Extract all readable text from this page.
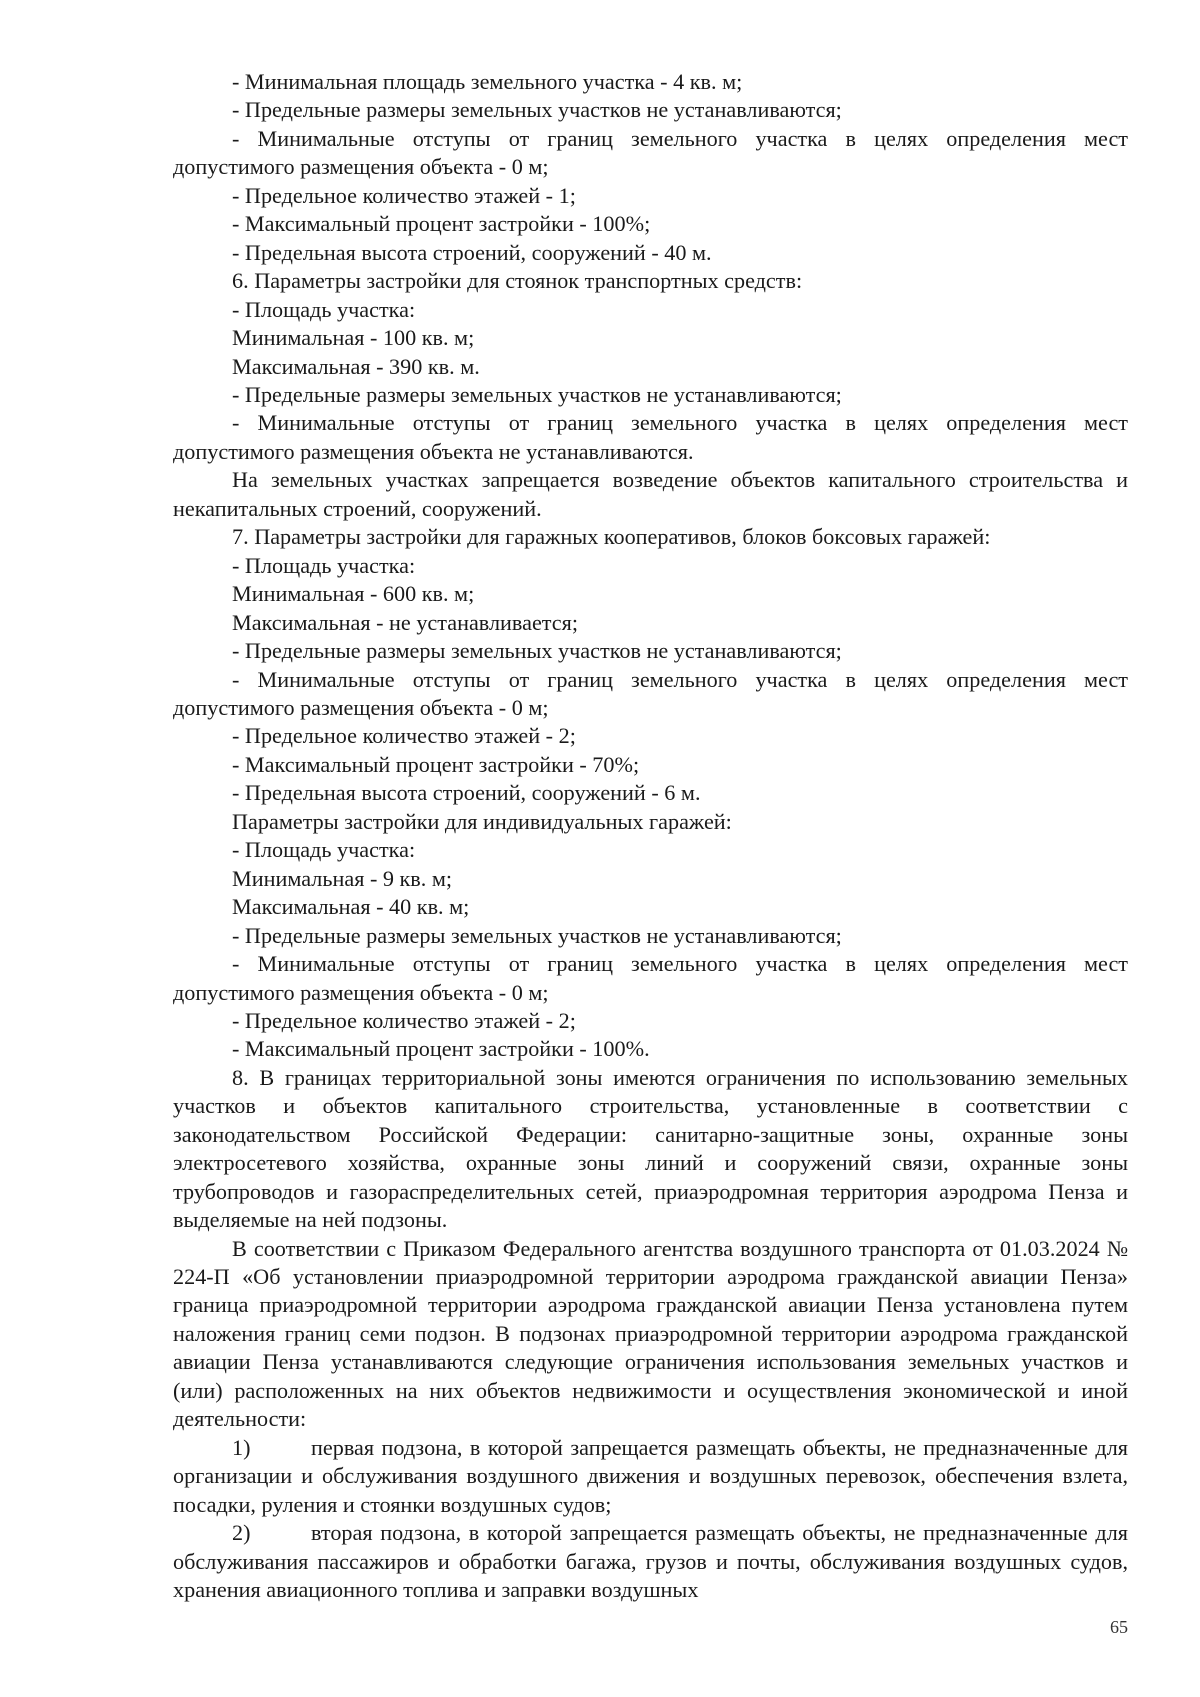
- Минимальная площадь земельного участка - 4 кв. м;

- Предельные размеры земельных участков не устанавливаются;

- Минимальные отступы от границ земельного участка в целях определения мест допустимого размещения объекта - 0 м;

- Предельное количество этажей - 1;

- Максимальный процент застройки - 100%;

- Предельная высота строений, сооружений - 40 м.

6. Параметры застройки для стоянок транспортных средств:

- Площадь участка:

Минимальная - 100 кв. м;

Максимальная - 390 кв. м.

- Предельные размеры земельных участков не устанавливаются;

- Минимальные отступы от границ земельного участка в целях определения мест допустимого размещения объекта не устанавливаются.

На земельных участках запрещается возведение объектов капитального строительства и некапитальных строений, сооружений.

7. Параметры застройки для гаражных кооперативов, блоков боксовых гаражей:

- Площадь участка:

Минимальная - 600 кв. м;

Максимальная - не устанавливается;

- Предельные размеры земельных участков не устанавливаются;

- Минимальные отступы от границ земельного участка в целях определения мест допустимого размещения объекта - 0 м;

- Предельное количество этажей - 2;

- Максимальный процент застройки - 70%;

- Предельная высота строений, сооружений - 6 м.

Параметры застройки для индивидуальных гаражей:

- Площадь участка:

Минимальная - 9 кв. м;

Максимальная - 40 кв. м;

- Предельные размеры земельных участков не устанавливаются;

- Минимальные отступы от границ земельного участка в целях определения мест допустимого размещения объекта - 0 м;

- Предельное количество этажей - 2;

- Максимальный процент застройки - 100%.

8. В границах территориальной зоны имеются ограничения по использованию земельных участков и объектов капитального строительства, установленные в соответствии с законодательством Российской Федерации: санитарно-защитные зоны, охранные зоны электросетевого хозяйства, охранные зоны линий и сооружений связи, охранные зоны трубопроводов и газораспределительных сетей, приаэродромная территория аэродрома Пенза и выделяемые на ней подзоны.

В соответствии с Приказом Федерального агентства воздушного транспорта от 01.03.2024 № 224-П «Об установлении приаэродромной территории аэродрома гражданской авиации Пенза» граница приаэродромной территории аэродрома гражданской авиации Пенза установлена путем наложения границ семи подзон. В подзонах приаэродромной территории аэродрома гражданской авиации Пенза устанавливаются следующие ограничения использования земельных участков и (или) расположенных на них объектов недвижимости и осуществления экономической и иной деятельности:

1)	первая подзона, в которой запрещается размещать объекты, не предназначенные для организации и обслуживания воздушного движения и воздушных перевозок, обеспечения взлета, посадки, руления и стоянки воздушных судов;

2)	вторая подзона, в которой запрещается размещать объекты, не предназначенные для обслуживания пассажиров и обработки багажа, грузов и почты, обслуживания воздушных судов, хранения авиационного топлива и заправки воздушных

65
